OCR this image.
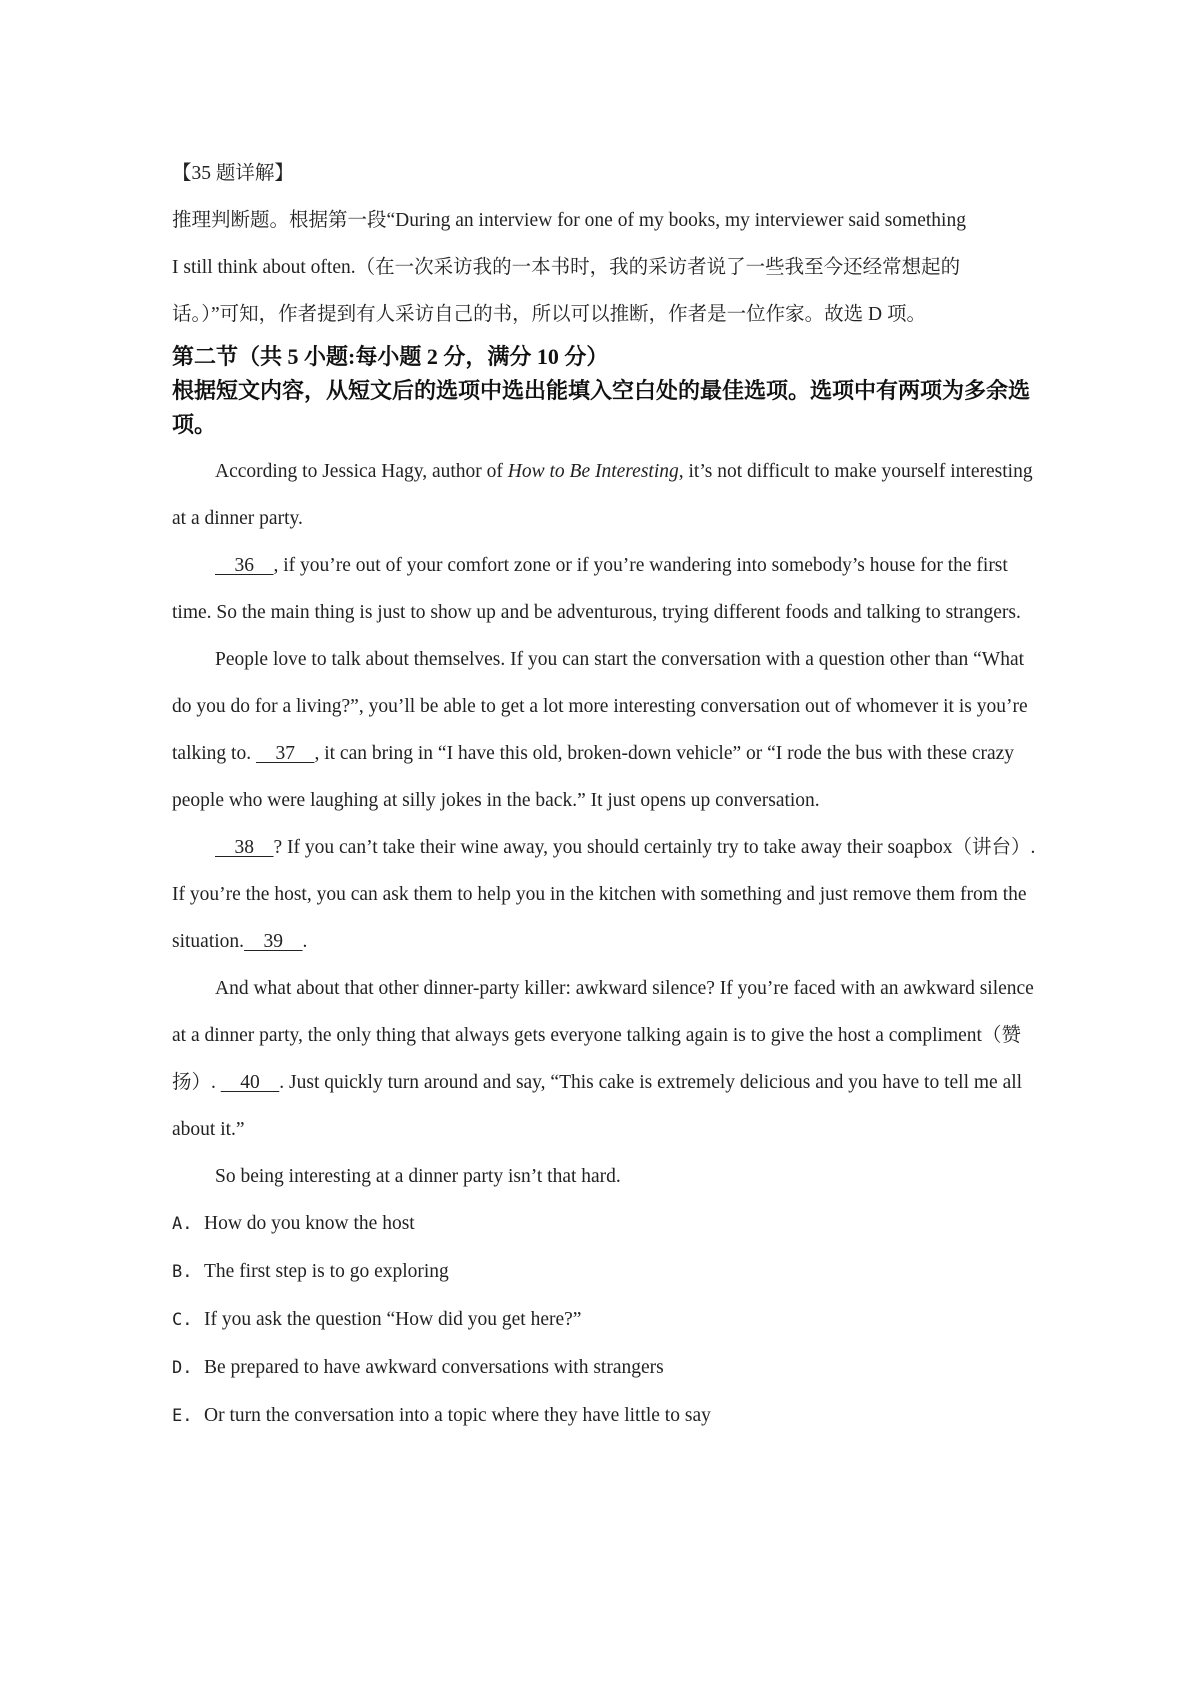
【35 题详解】
推理判断题。根据第一段“During an interview for one of my books, my interviewer said something
I still think about often.（在一次采访我的一本书时，我的采访者说了一些我至今还经常想起的
话。）”可知，作者提到有人采访自己的书，所以可以推断，作者是一位作家。故选 D 项。
第二节（共 5 小题:每小题 2 分，满分 10 分）
根据短文内容，从短文后的选项中选出能填入空白处的最佳选项。选项中有两项为多余选项。
According to Jessica Hagy, author of How to Be Interesting, it’s not difficult to make yourself interesting at a dinner party.
36    , if you’re out of your comfort zone or if you’re wandering into somebody’s house for the first time. So the main thing is just to show up and be adventurous, trying different foods and talking to strangers.
People love to talk about themselves. If you can start the conversation with a question other than “What do you do for a living?”, you’ll be able to get a lot more interesting conversation out of whomever it is you’re talking to.     37    , it can bring in “I have this old, broken-down vehicle” or “I rode the bus with these crazy people who were laughing at silly jokes in the back.” It just opens up conversation.
38    ? If you can’t take their wine away, you should certainly try to take away their soapbox（讲台）. If you’re the host, you can ask them to help you in the kitchen with something and just remove them from the situation.    39    .
And what about that other dinner-party killer: awkward silence? If you’re faced with an awkward silence at a dinner party, the only thing that always gets everyone talking again is to give the host a compliment（赞扬）.     40    . Just quickly turn around and say, “This cake is extremely delicious and you have to tell me all about it.”
So being interesting at a dinner party isn’t that hard.
A. How do you know the host
B. The first step is to go exploring
C. If you ask the question “How did you get here?”
D. Be prepared to have awkward conversations with strangers
E. Or turn the conversation into a topic where they have little to say
